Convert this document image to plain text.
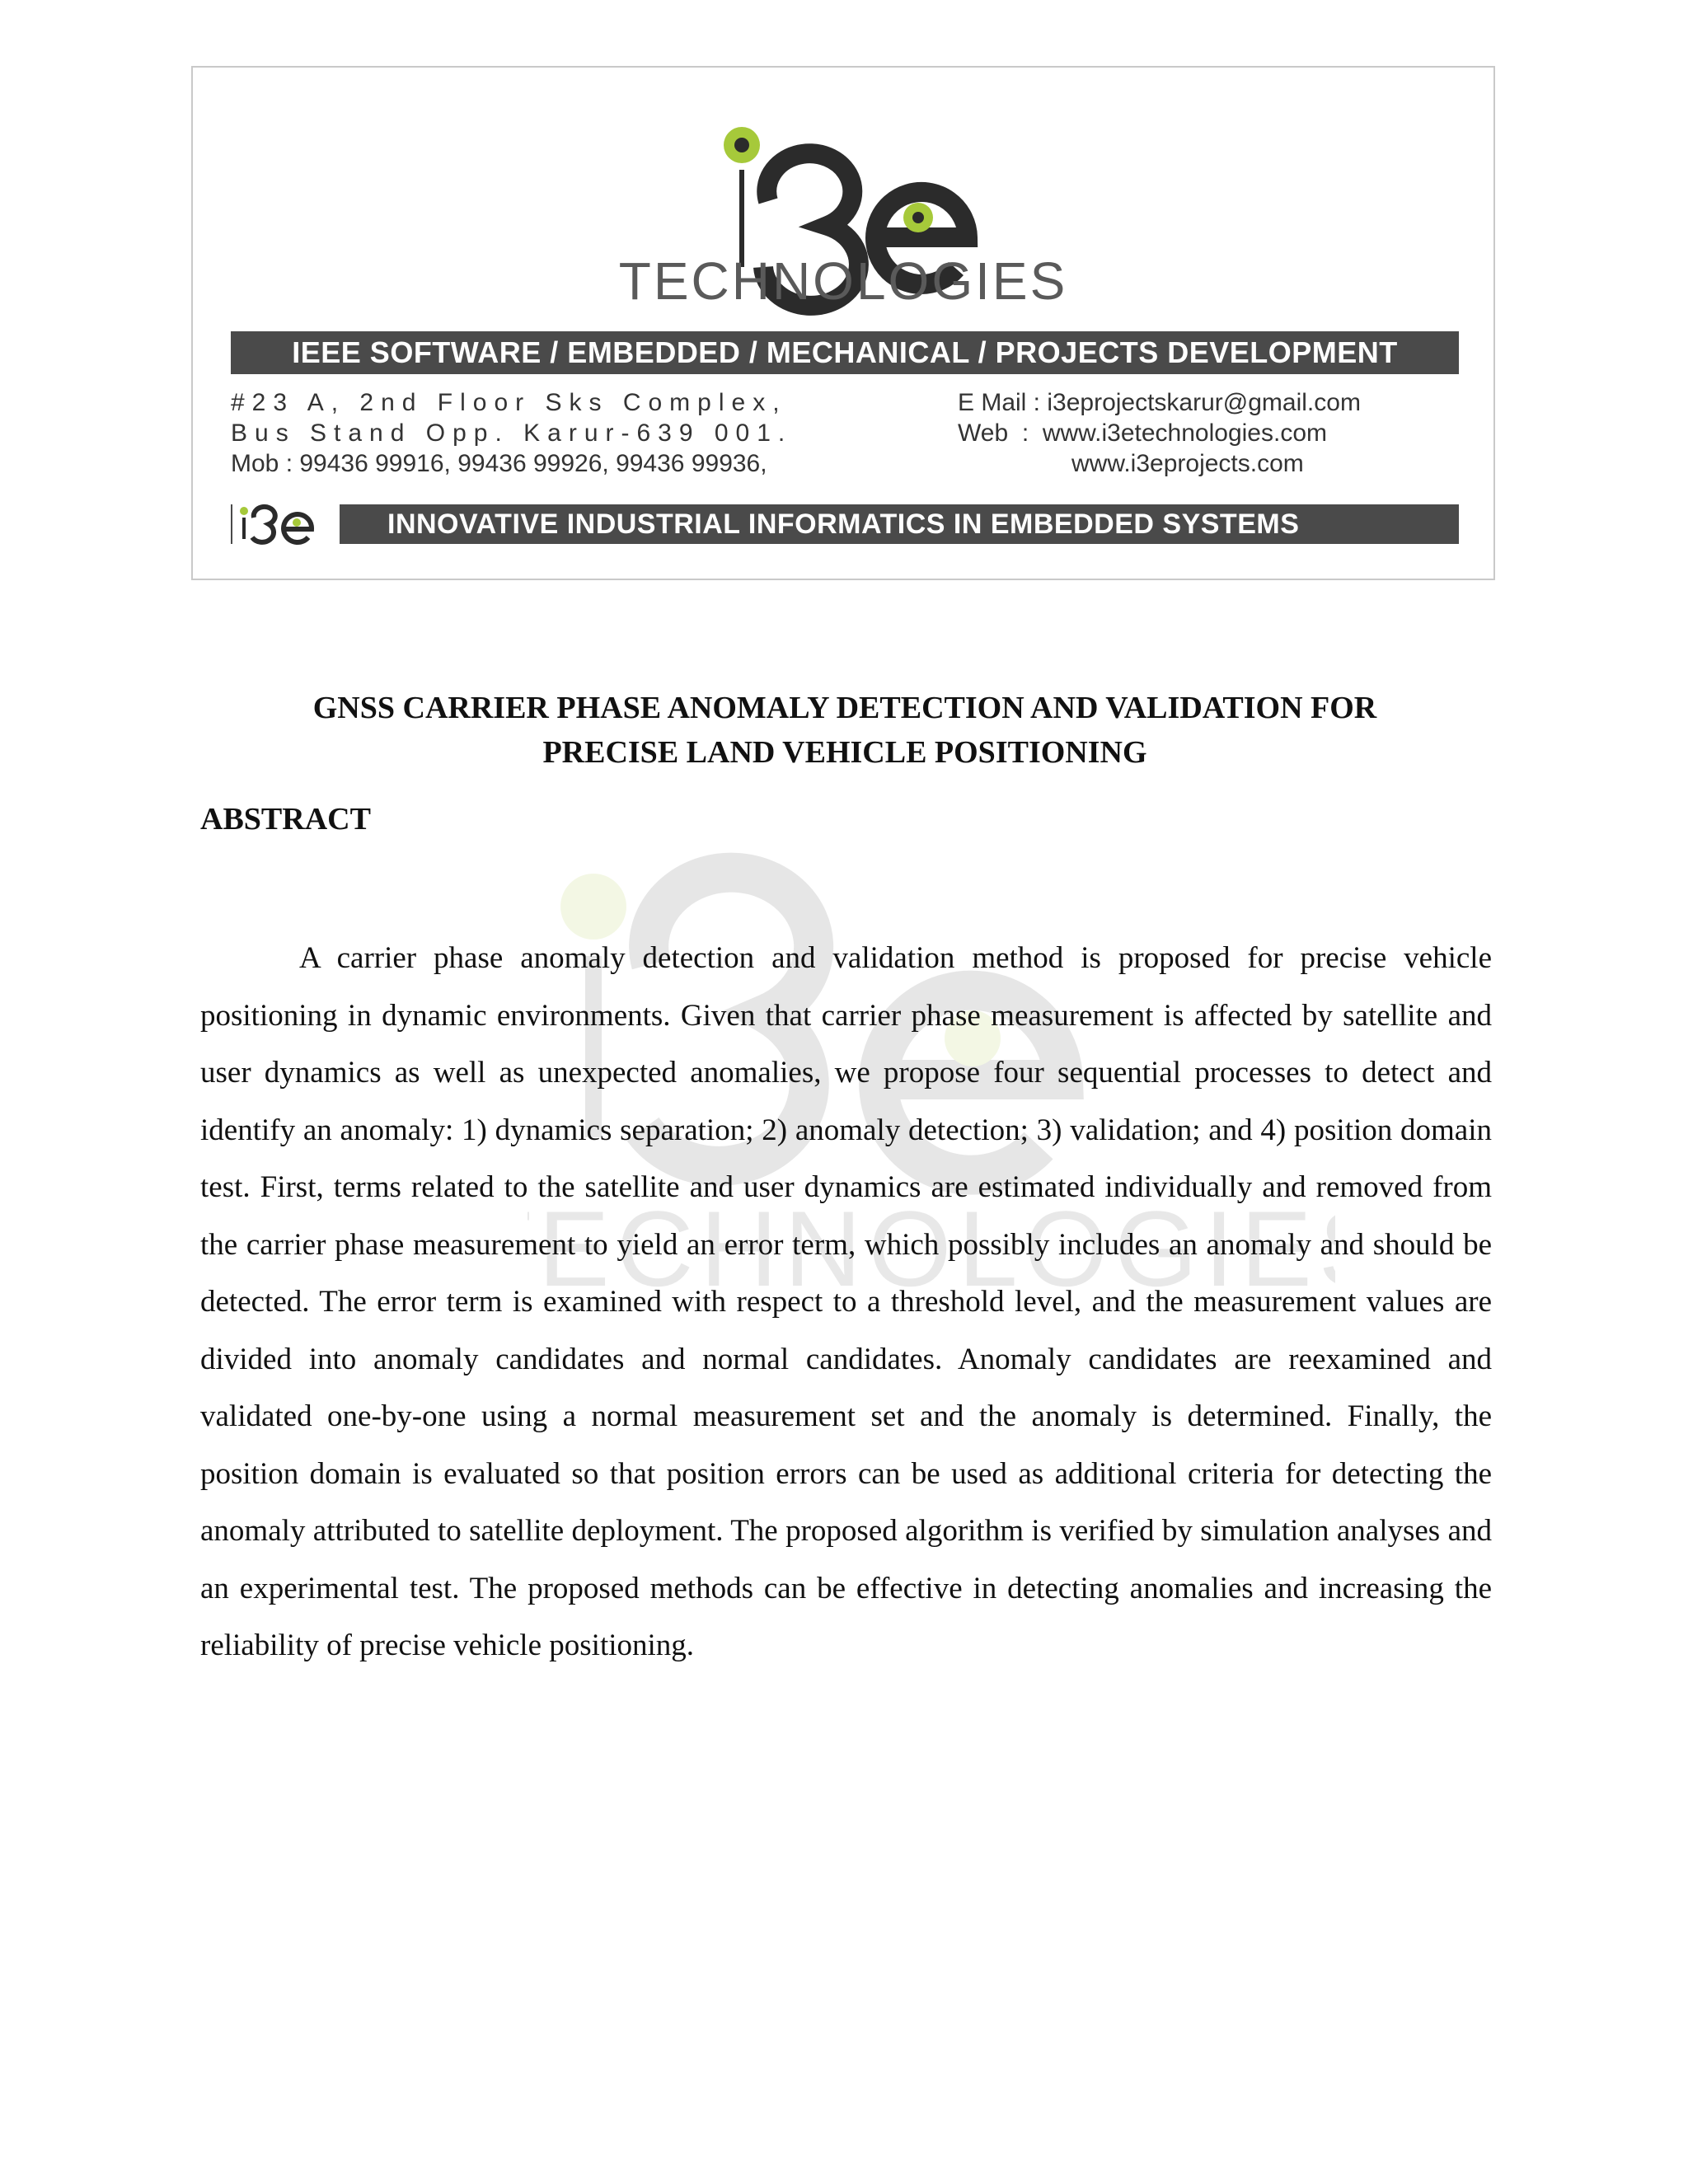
TECHNOLOGIES
IEEE SOFTWARE / EMBEDDED / MECHANICAL / PROJECTS DEVELOPMENT
#23 A, 2nd Floor Sks Complex,
Bus Stand Opp. Karur-639 001.
Mob : 99436 99916, 99436 99926, 99436 99936,
E Mail : i3eprojectskarur@gmail.com
Web  :  www.i3etechnologies.com
www.i3eprojects.com
INNOVATIVE INDUSTRIAL INFORMATICS IN EMBEDDED SYSTEMS
ECHNOLOGIE
GNSS CARRIER PHASE ANOMALY DETECTION AND VALIDATION FOR
PRECISE LAND VEHICLE POSITIONING
ABSTRACT

A carrier phase anomaly detection and validation method is proposed for precise vehicle positioning in dynamic environments. Given that carrier phase measurement is affected by satellite and user dynamics as well as unexpected anomalies, we propose four sequential processes to detect and identify an anomaly: 1) dynamics separation; 2) anomaly detection; 3) validation; and 4) position domain test. First, terms related to the satellite and user dynamics are estimated individually and removed from the carrier phase measurement to yield an error term, which possibly includes an anomaly and should be detected. The error term is examined with respect to a threshold level, and the measurement values are divided into anomaly candidates and normal candidates. Anomaly candidates are reexamined and validated one-by-one using a normal measurement set and the anomaly is determined. Finally, the position domain is evaluated so that position errors can be used as additional criteria for detecting the anomaly attributed to satellite deployment. The proposed algorithm is verified by simulation analyses and an experimental test. The proposed methods can be effective in detecting anomalies and increasing the reliability of precise vehicle positioning.
